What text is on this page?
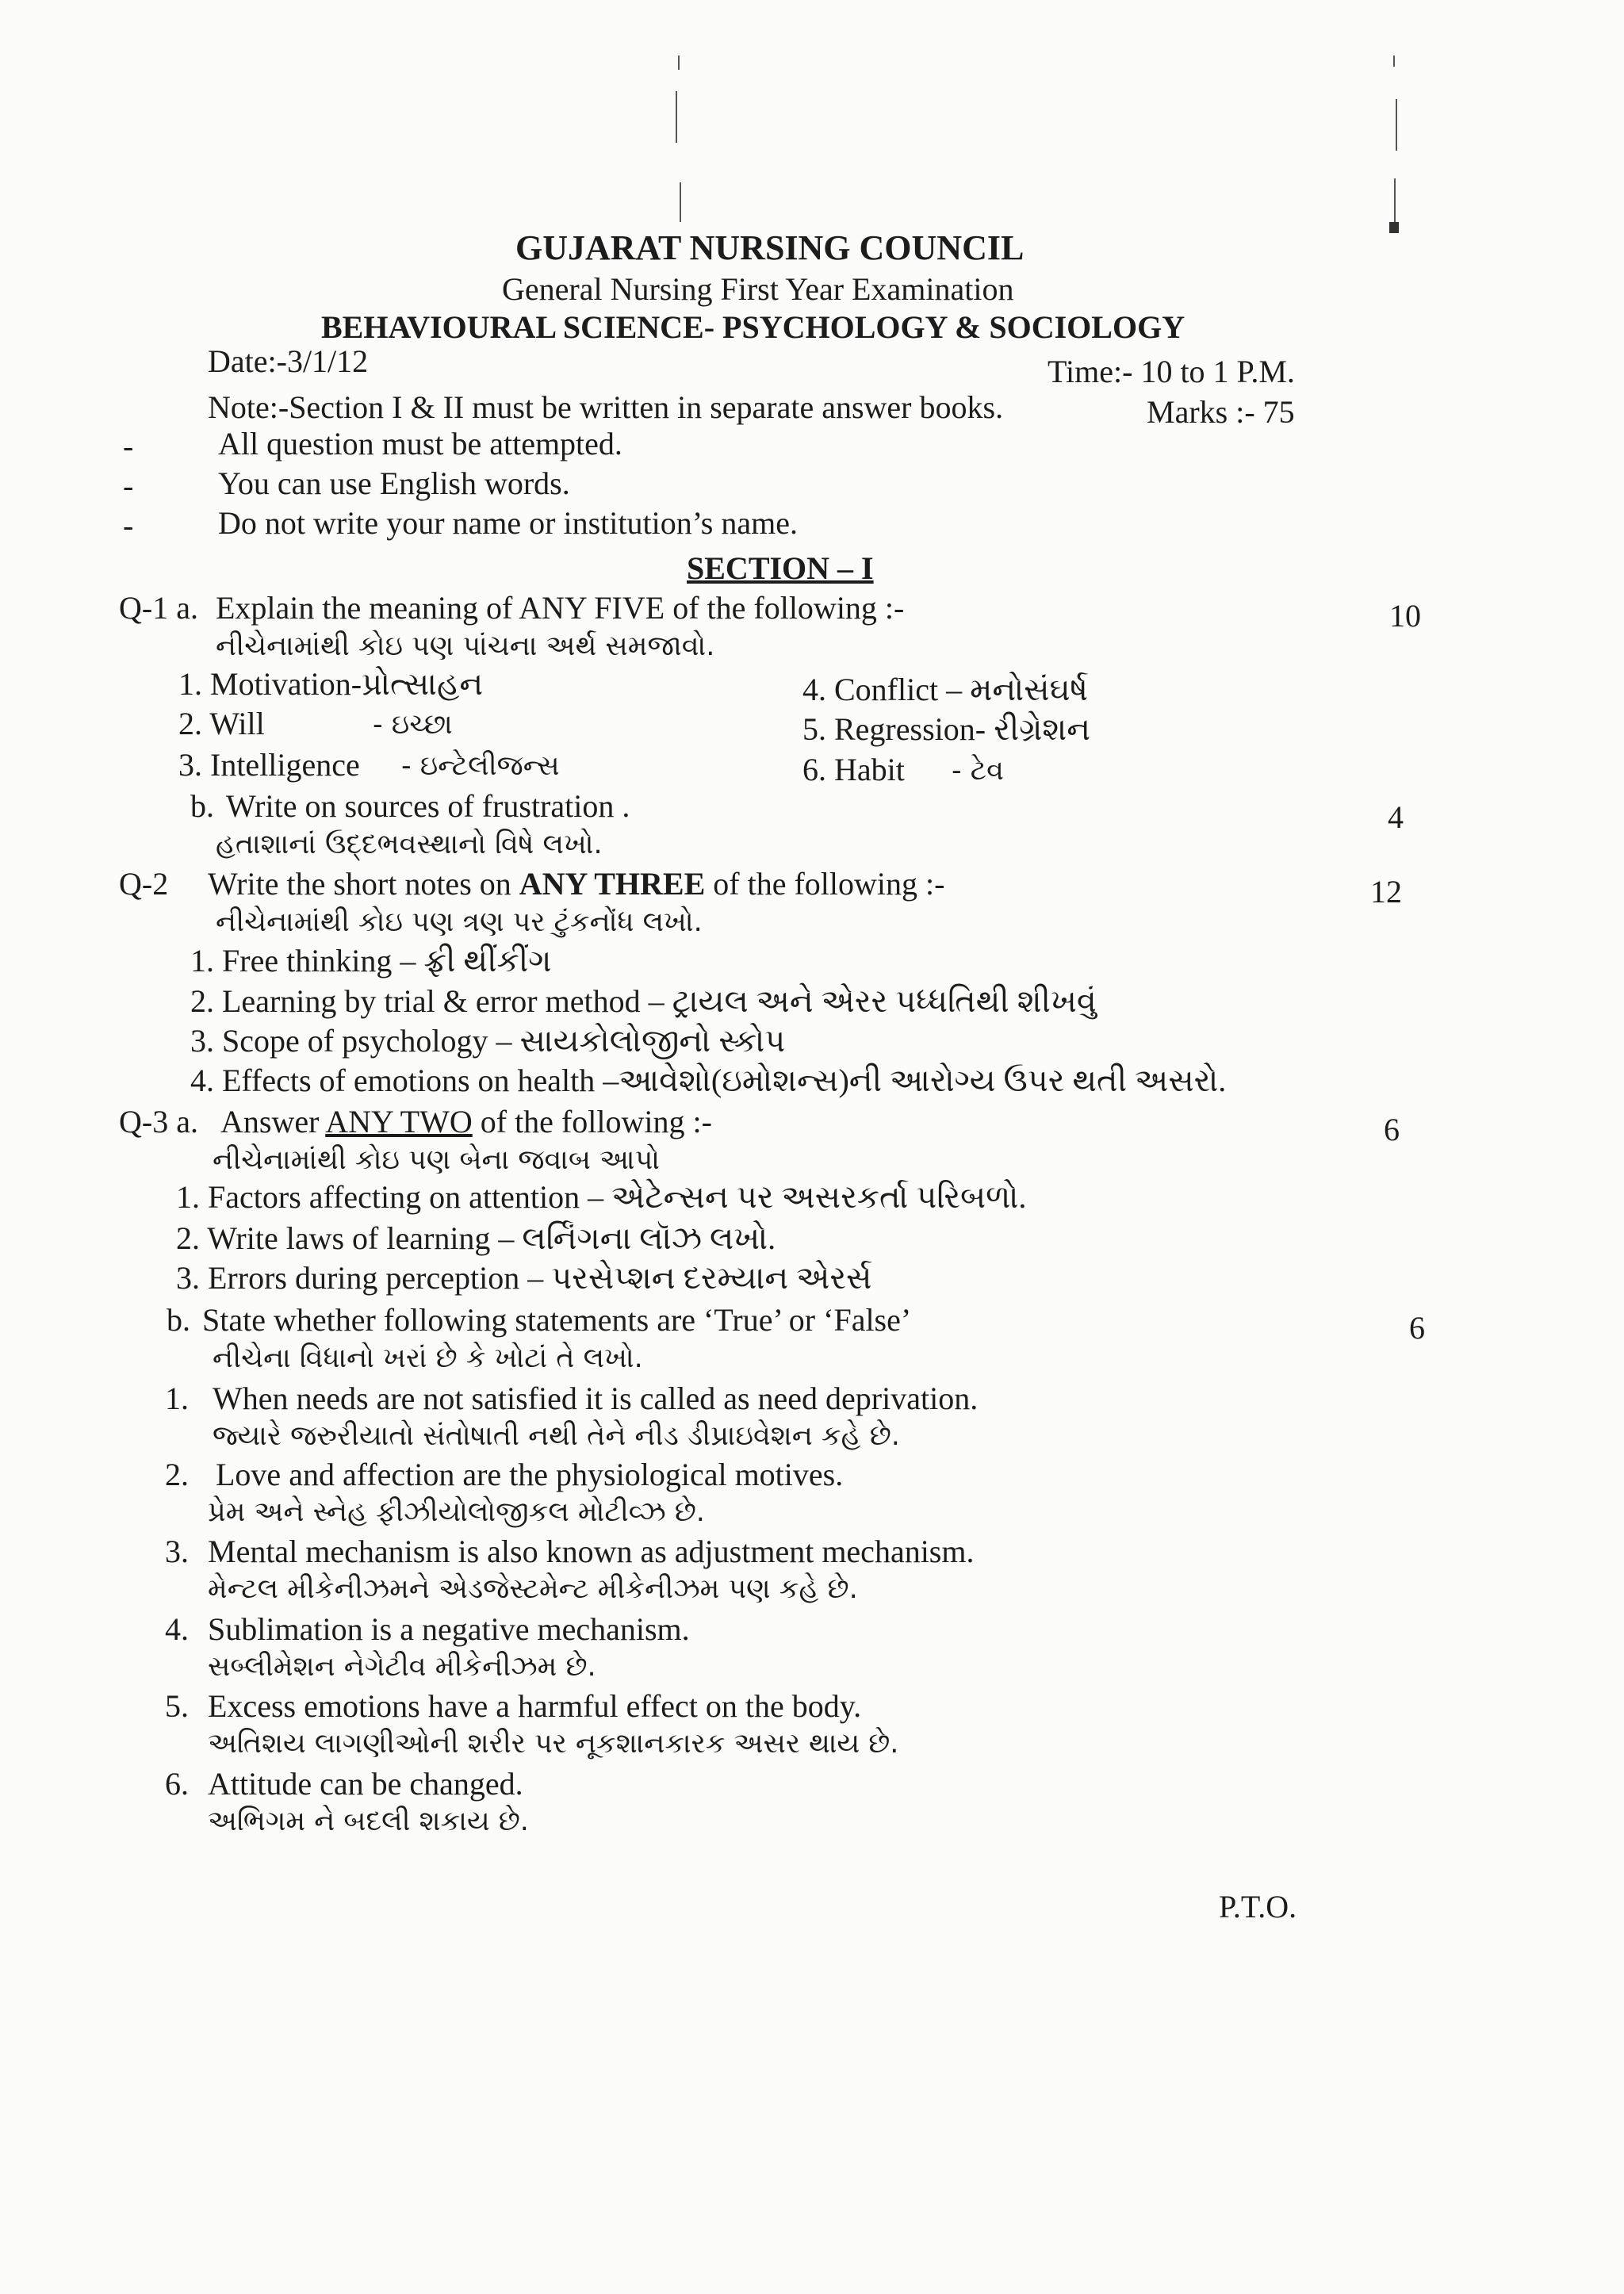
GUJARAT NURSING COUNCIL
General Nursing First Year Examination
BEHAVIOURAL SCIENCE- PSYCHOLOGY & SOCIOLOGY
Date:-3/1/12	Time:- 10 to 1 P.M.
Note:-Section I & II must be written in separate answer books.	Marks :- 75
-	All question must be attempted.
-	You can use English words.
-	Do not write your name or institution’s name.
SECTION – I
Q-1 a. Explain the meaning of ANY FIVE of the following :-	10
નીચેનામાંથી કોઇ પણ પાંચના અર્થ સમજાવો.
1. Motivation-પ્રોત્સાહન
2. Will	- ઇચ્છા
3. Intelligence - ઇન્ટેલીજન્સ
4. Conflict – મનોસંઘર્ષ
5. Regression- રીગ્રેશન
6. Habit - ટેવ
b. Write on sources of frustration .	4
હતાશાનાં ઉદ્દભવસ્થાનો વિષે લખો.
Q-2 Write the short notes on ANY THREE of the following :-	12
નીચેનામાંથી કોઇ પણ ત્રણ પર ટુંકનોંધ લખો.
1. Free thinking – ફ્રી થીંકીંગ
2. Learning by trial & error method – ટ્રાયલ અને એરર પધ્ધતિથી શીખવું
3. Scope of psychology – સાયકોલોજીનો સ્કોપ
4. Effects of emotions on health –આવેશો(ઇમોશન્સ)ની આરોગ્ય ઉપર થતી અસરો.
Q-3 a. Answer ANY TWO of the following :-	6
નીચેનામાંથી કોઇ પણ બેના જવાબ આપો
1. Factors affecting on attention – એટેન્સન પર અસરકર્તા પરિબળો.
2. Write laws of learning – લર્નિંગના લૉઝ લખો.
3. Errors during perception – પરસેપ્શન દરમ્યાન એરર્સ
b. State whether following statements are ‘True’ or ‘False’	6
નીચેના વિધાનો ખરાં છે કે ખોટાં તે લખો.
1. When needs are not satisfied it is called as need deprivation.
જ્યારે જરુરીયાતો સંતોષાતી નથી તેને નીડ ડીપ્રાઇવેશન કહે છે.
2. Love and affection are the physiological motives.
પ્રેમ અને સ્નેહ ફીઝીયોલોજીકલ મોટીવ્ઝ છે.
3. Mental mechanism is also known as adjustment mechanism.
મેન્ટલ મીકેનીઝમને એડજેસ્ટમેન્ટ મીકેનીઝમ પણ કહે છે.
4. Sublimation is a negative mechanism.
સબ્લીમેશન નેગેટીવ મીકેનીઝમ છે.
5. Excess emotions have a harmful effect on the body.
અતિશય લાગણીઓની શરીર પર નૂકશાનકારક અસર થાય છે.
6. Attitude can be changed.
અભિગમ ને બદલી શકાય છે.
P.T.O.
